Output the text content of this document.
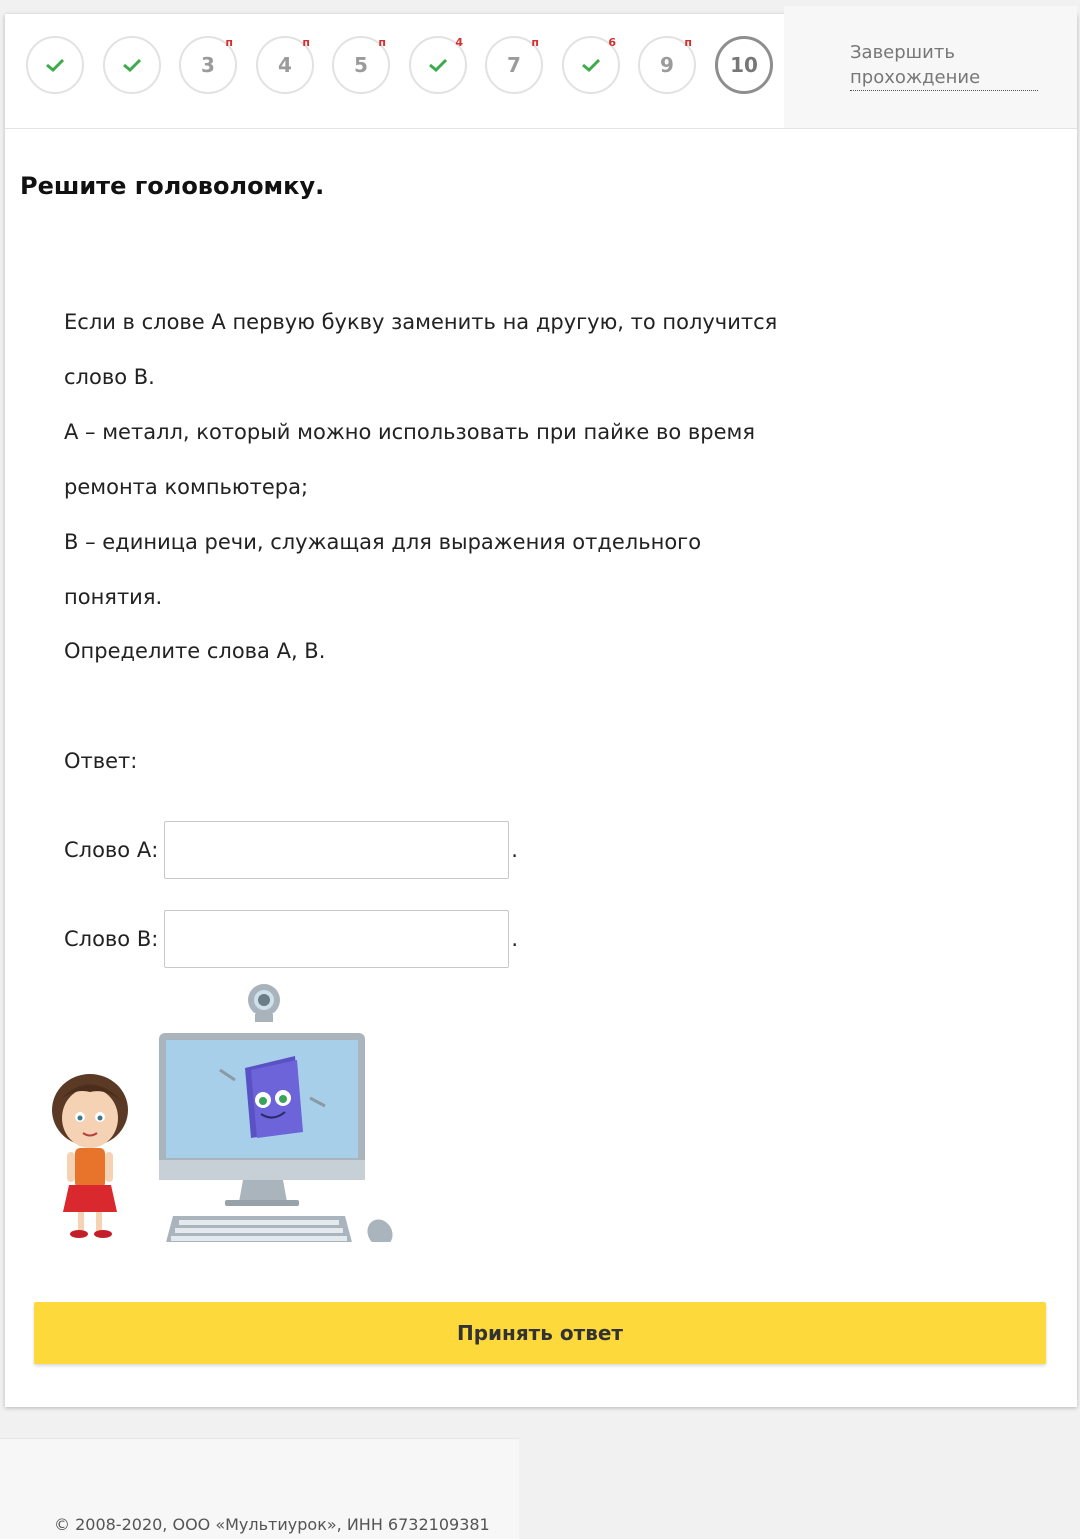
3
п
4
п
5
п	4
7
п	6
9
п
10
Завершить прохождение
Решите головоломку.

Если в слове А первую букву заменить на другую, то получится

слово В.

А – металл, который можно использовать при пайке во время

ремонта компьютера;

В – единица речи, служащая для выражения отдельного

понятия.

Определите слова А, В.

Ответ:

Слово А:	.
Слово В:	.
Принять ответ
© 2008-2020, ООО «Мультиурок», ИНН 6732109381
